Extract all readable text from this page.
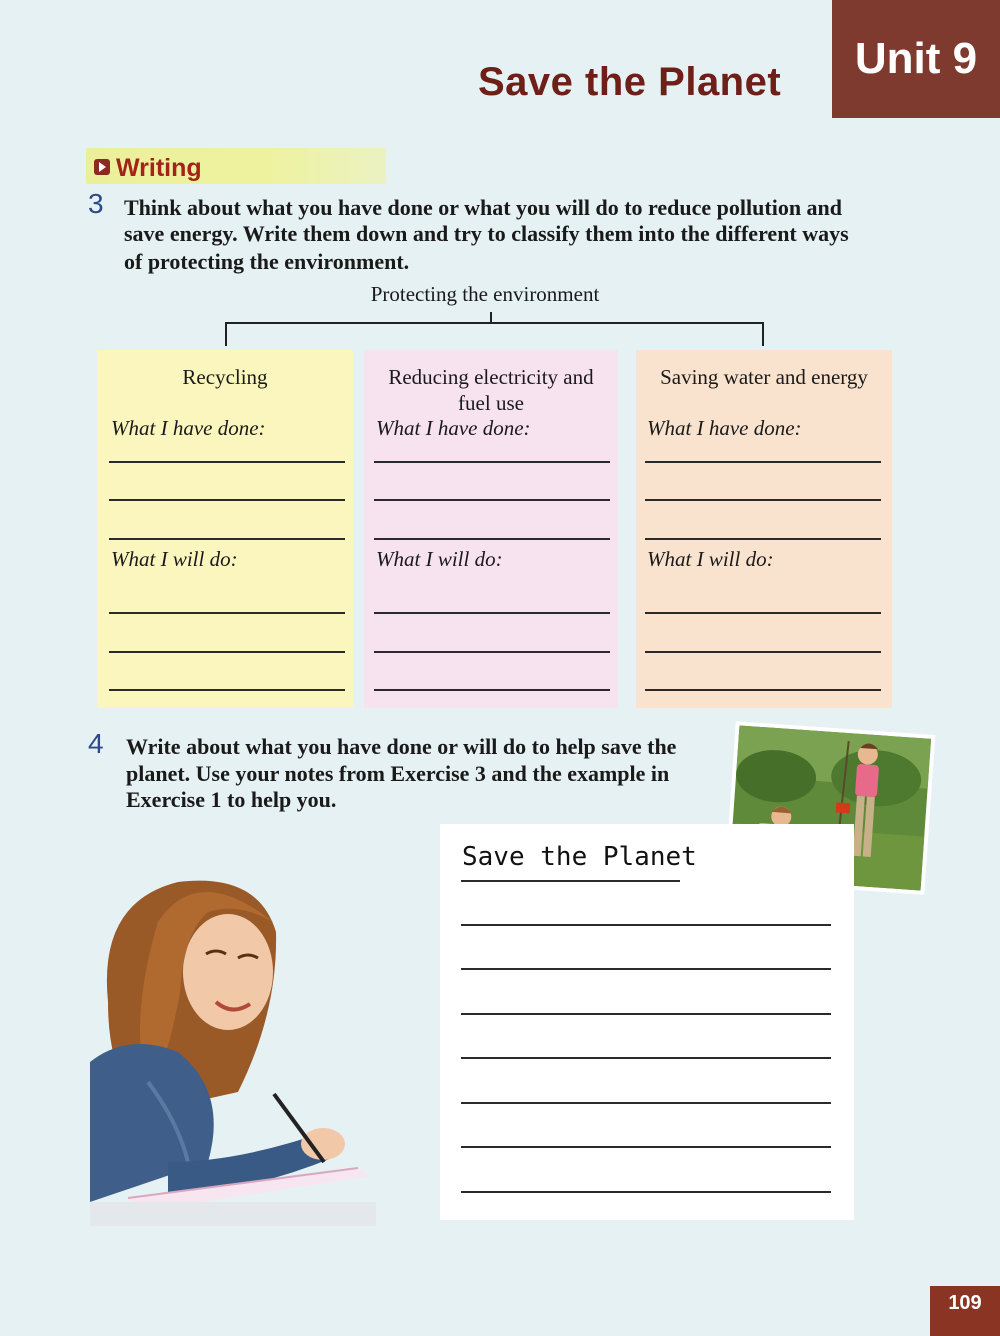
Unit 9
Save the Planet
Writing
3 Think about what you have done or what you will do to reduce pollution and
save energy. Write them down and try to classify them into the different ways
of protecting the environment.
Protecting the environment
Recycling
What I have done:
What I will do:
Reducing electricity and
fuel use
What I have done:
What I will do:
Saving water and energy
What I have done:
What I will do:
4 Write about what you have done or will do to help save the
planet. Use your notes from Exercise 3 and the example in
Exercise 1 to help you.
Save the Planet
109
